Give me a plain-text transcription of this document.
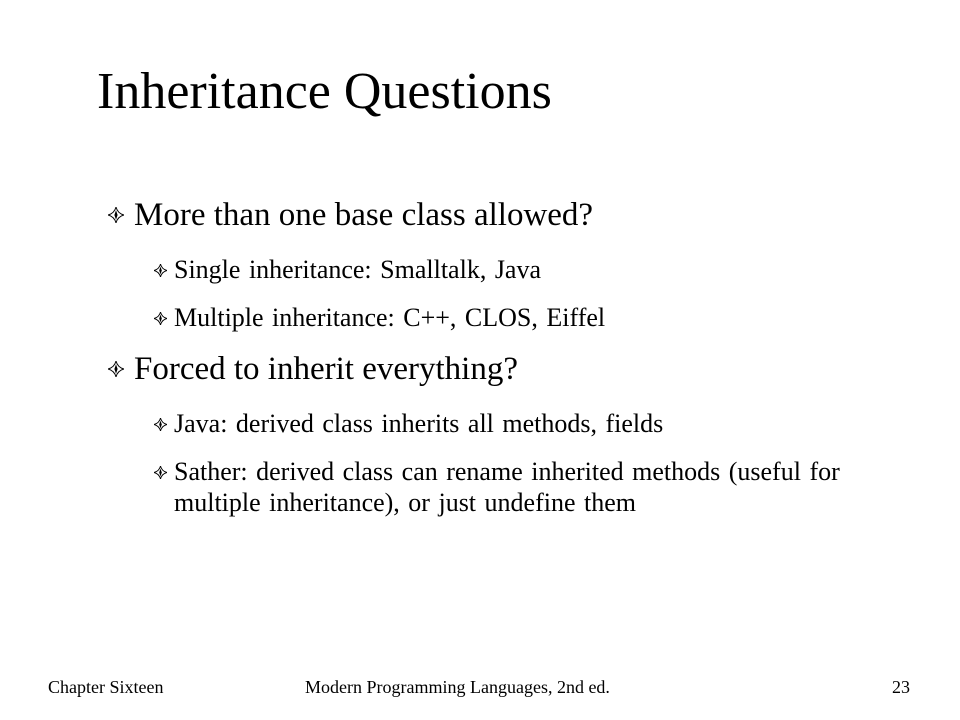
Inheritance Questions
More than one base class allowed?
Single inheritance: Smalltalk, Java
Multiple inheritance: C++, CLOS, Eiffel
Forced to inherit everything?
Java: derived class inherits all methods, fields
Sather: derived class can rename inherited methods (useful for multiple inheritance), or just undefine them
Chapter Sixteen	Modern Programming Languages, 2nd ed.	23
